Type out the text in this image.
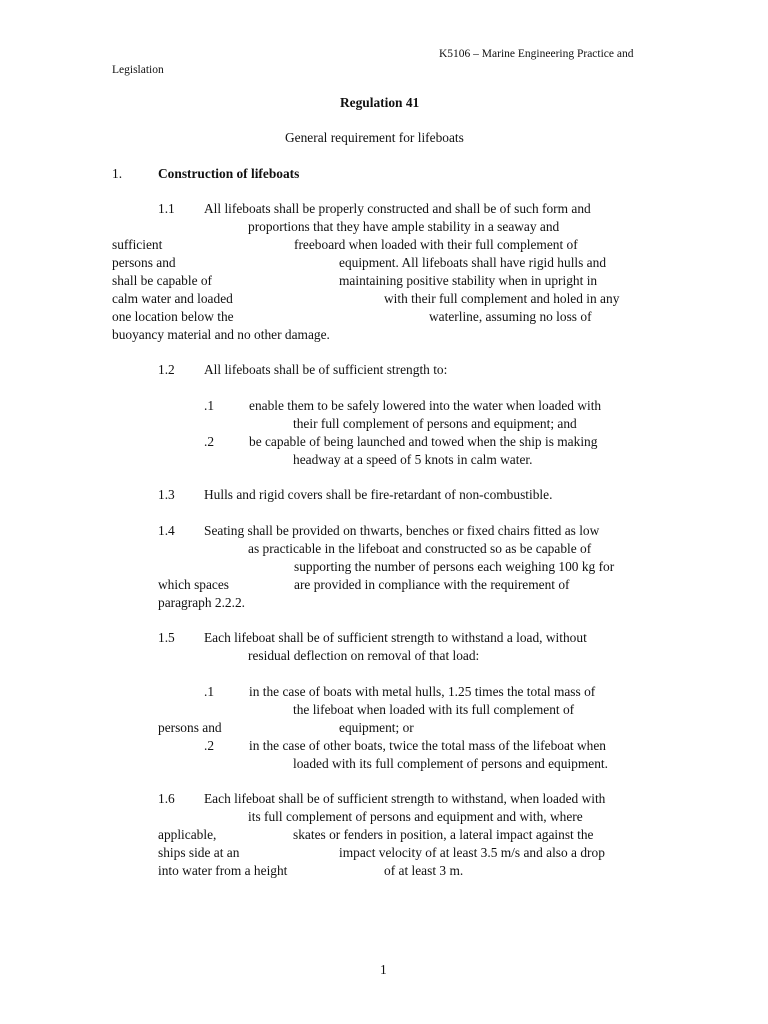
K5106 – Marine Engineering Practice and
Legislation
Regulation 41
General requirement for lifeboats
1.	Construction of lifeboats
1.1 All lifeboats shall be properly constructed and shall be of such form and
proportions that they have ample stability in a seaway and
sufficient	freeboard when loaded with their full complement of
persons and	equipment. All lifeboats shall have rigid hulls and
shall be capable of	maintaining positive stability when in upright in
calm water and loaded	with their full complement and holed in any
one location below the	waterline, assuming no loss of
buoyancy material and no other damage.
1.2 All lifeboats shall be of sufficient strength to:
.1	enable them to be safely lowered into the water when loaded with
their full complement of persons and equipment; and
.2	be capable of being launched and towed when the ship is making
headway at a speed of 5 knots in calm water.
1.3 Hulls and rigid covers shall be fire-retardant of non-combustible.
1.4 Seating shall be provided on thwarts, benches or fixed chairs fitted as low
as practicable in the lifeboat and constructed so as be capable of
supporting the number of persons each weighing 100 kg for
which spaces	are provided in compliance with the requirement of
paragraph 2.2.2.
1.5 Each lifeboat shall be of sufficient strength to withstand a load, without
residual deflection on removal of that load:
.1	in the case of boats with metal hulls, 1.25 times the total mass of
the lifeboat when loaded with its full complement of
persons and	equipment; or
.2	in the case of other boats, twice the total mass of the lifeboat when
loaded with its full complement of persons and equipment.
1.6 Each lifeboat shall be of sufficient strength to withstand, when loaded with
its full complement of persons and equipment and with, where
applicable,	skates or fenders in position, a lateral impact against the
ships side at an	impact velocity of at least 3.5 m/s and also a drop
into water from a height	of at least 3 m.
1
